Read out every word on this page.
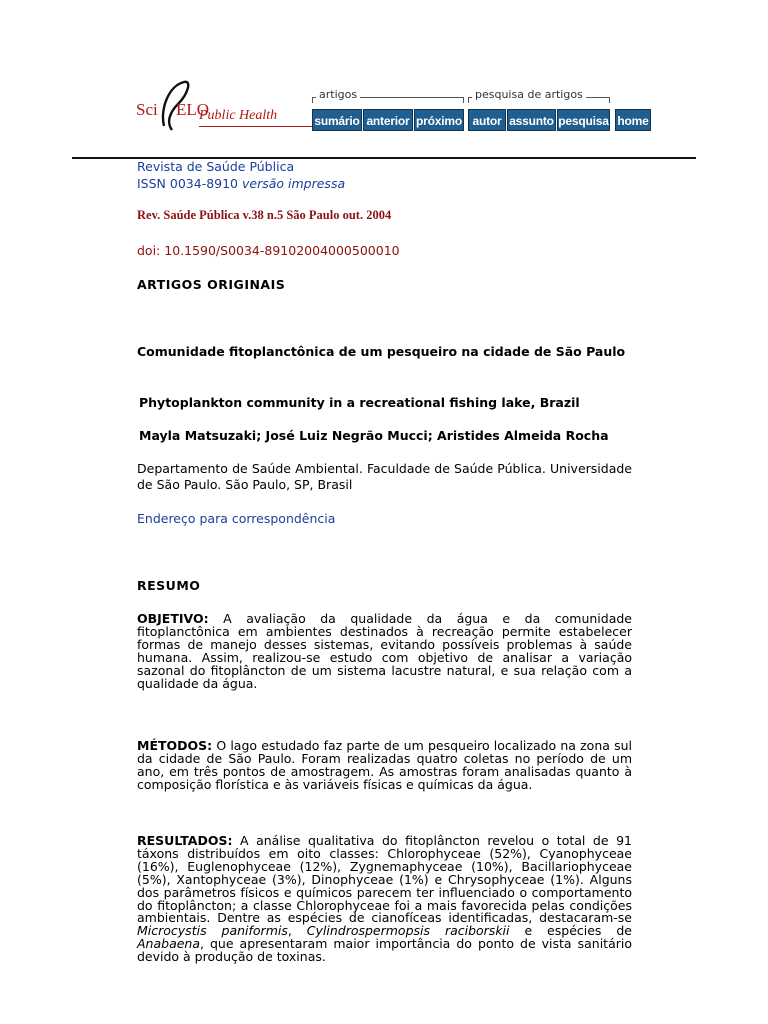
Sci ELO
Public Health
artigos	pesquisa de artigos
sumário anterior próximo autor assunto pesquisa home
Revista de Saúde Pública
ISSN 0034-8910 versão impressa
Rev. Saúde Pública v.38 n.5 São Paulo out. 2004
doi: 10.1590/S0034-89102004000500010
ARTIGOS ORIGINAIS
Comunidade fitoplanctônica de um pesqueiro na cidade de São Paulo
Phytoplankton community in a recreational fishing lake, Brazil
Mayla Matsuzaki; José Luiz Negrão Mucci; Aristides Almeida Rocha
Departamento de Saúde Ambiental. Faculdade de Saúde Pública. Universidade de São Paulo. São Paulo, SP, Brasil
Endereço para correspondência
RESUMO
OBJETIVO: A avaliação da qualidade da água e da comunidade fitoplanctônica em ambientes destinados à recreação permite estabelecer formas de manejo desses sistemas, evitando possíveis problemas à saúde humana. Assim, realizou-se estudo com objetivo de analisar a variação sazonal do fitoplâncton de um sistema lacustre natural, e sua relação com a qualidade da água.
MÉTODOS: O lago estudado faz parte de um pesqueiro localizado na zona sul da cidade de São Paulo. Foram realizadas quatro coletas no período de um ano, em três pontos de amostragem. As amostras foram analisadas quanto à composição florística e às variáveis físicas e químicas da água.
RESULTADOS: A análise qualitativa do fitoplâncton revelou o total de 91 táxons distribuídos em oito classes: Chlorophyceae (52%), Cyanophyceae (16%), Euglenophyceae (12%), Zygnemaphyceae (10%), Bacillariophyceae (5%), Xantophyceae (3%), Dinophyceae (1%) e Chrysophyceae (1%). Alguns dos parâmetros físicos e químicos parecem ter influenciado o comportamento do fitoplâncton; a classe Chlorophyceae foi a mais favorecida pelas condições ambientais. Dentre as espécies de cianofíceas identificadas, destacaram-se Microcystis paniformis, Cylindrospermopsis raciborskii e espécies de Anabaena, que apresentaram maior importância do ponto de vista sanitário devido à produção de toxinas.
